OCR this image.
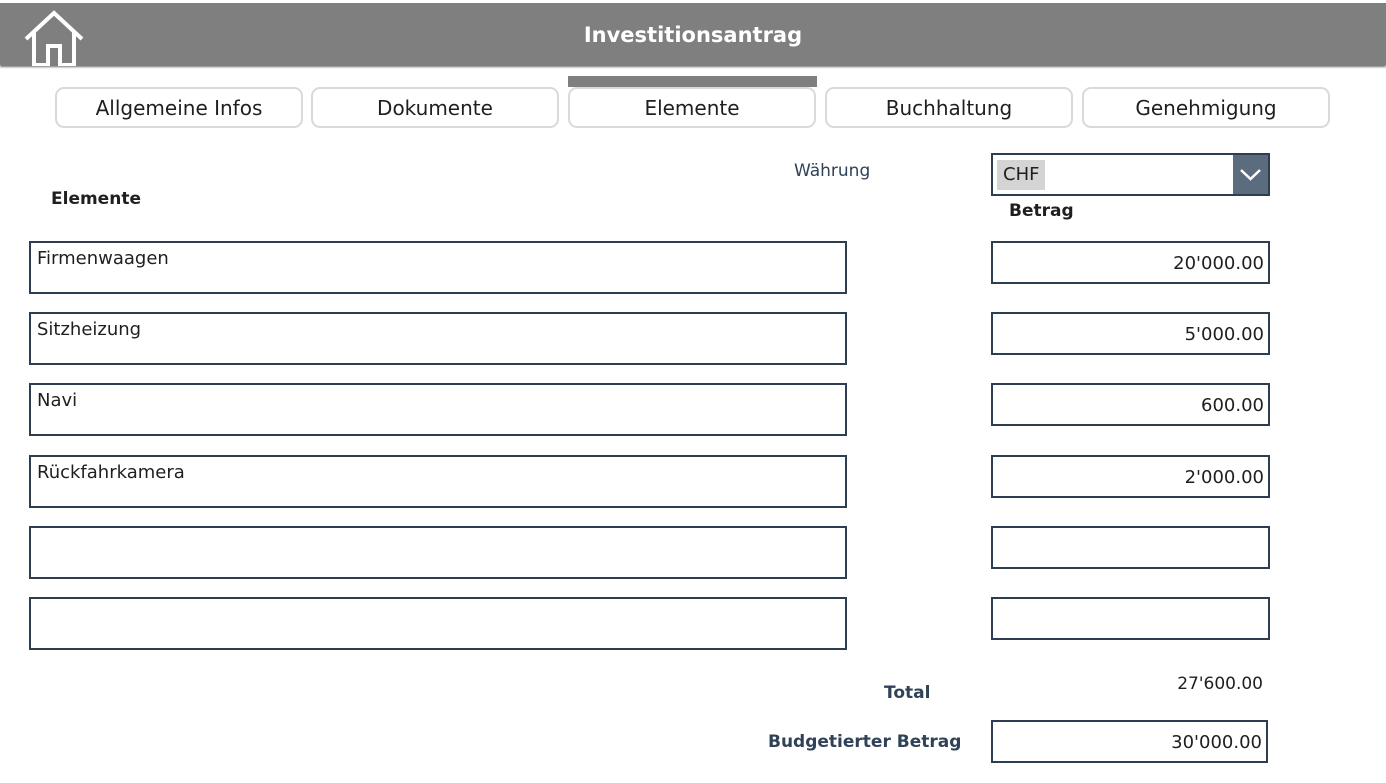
Investitionsantrag
Allgemeine Infos	Dokumente	Elemente	Buchhaltung	Genehmigung
Währung	CHF
Elemente
Betrag
Firmenwaagen	20'000.00
Sitzheizung	5'000.00
Navi	600.00
Rückfahrkamera	2'000.00
Total	27'600.00
Budgetierter Betrag	30'000.00
